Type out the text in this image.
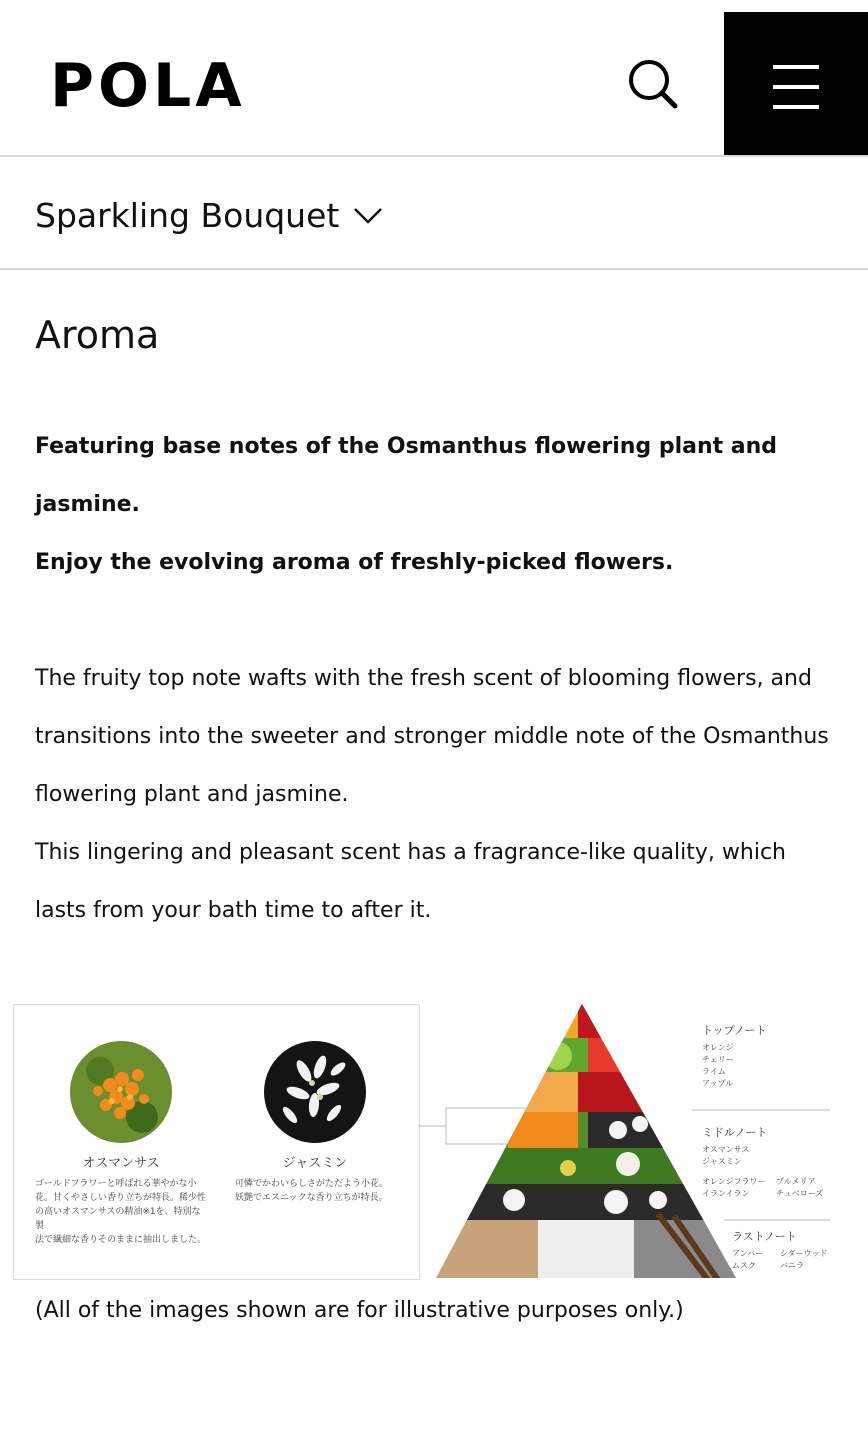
POLA
Sparkling Bouquet
Aroma

Featuring base notes of the Osmanthus flowering plant and jasmine.

Enjoy the evolving aroma of freshly-picked flowers.

The fruity top note wafts with the fresh scent of blooming flowers, and transitions into the sweeter and stronger middle note of the Osmanthus flowering plant and jasmine.

This lingering and pleasant scent has a fragrance-like quality, which lasts from your bath time to after it.

オスマンサス
ゴールドフラワーと呼ばれる華やかな小
花。甘くやさしい香り立ちが特長。稀少性
の高いオスマンサスの精油※1を、特別な製
法で繊細な香りそのままに抽出しました。
ジャスミン
可憐でかわいらしさがただよう小花。
妖艶でエスニックな香り立ちが特長。
トップノート
オレンジ
チェリー
ライム
アップル
ミドルノート
オスマンサス
ジャスミン
オレンジフラワー
イランイラン
プルメリア
チュベローズ
ラストノート
アンバー
ムスク
シダーウッド
バニラ

(All of the images shown are for illustrative purposes only.)
